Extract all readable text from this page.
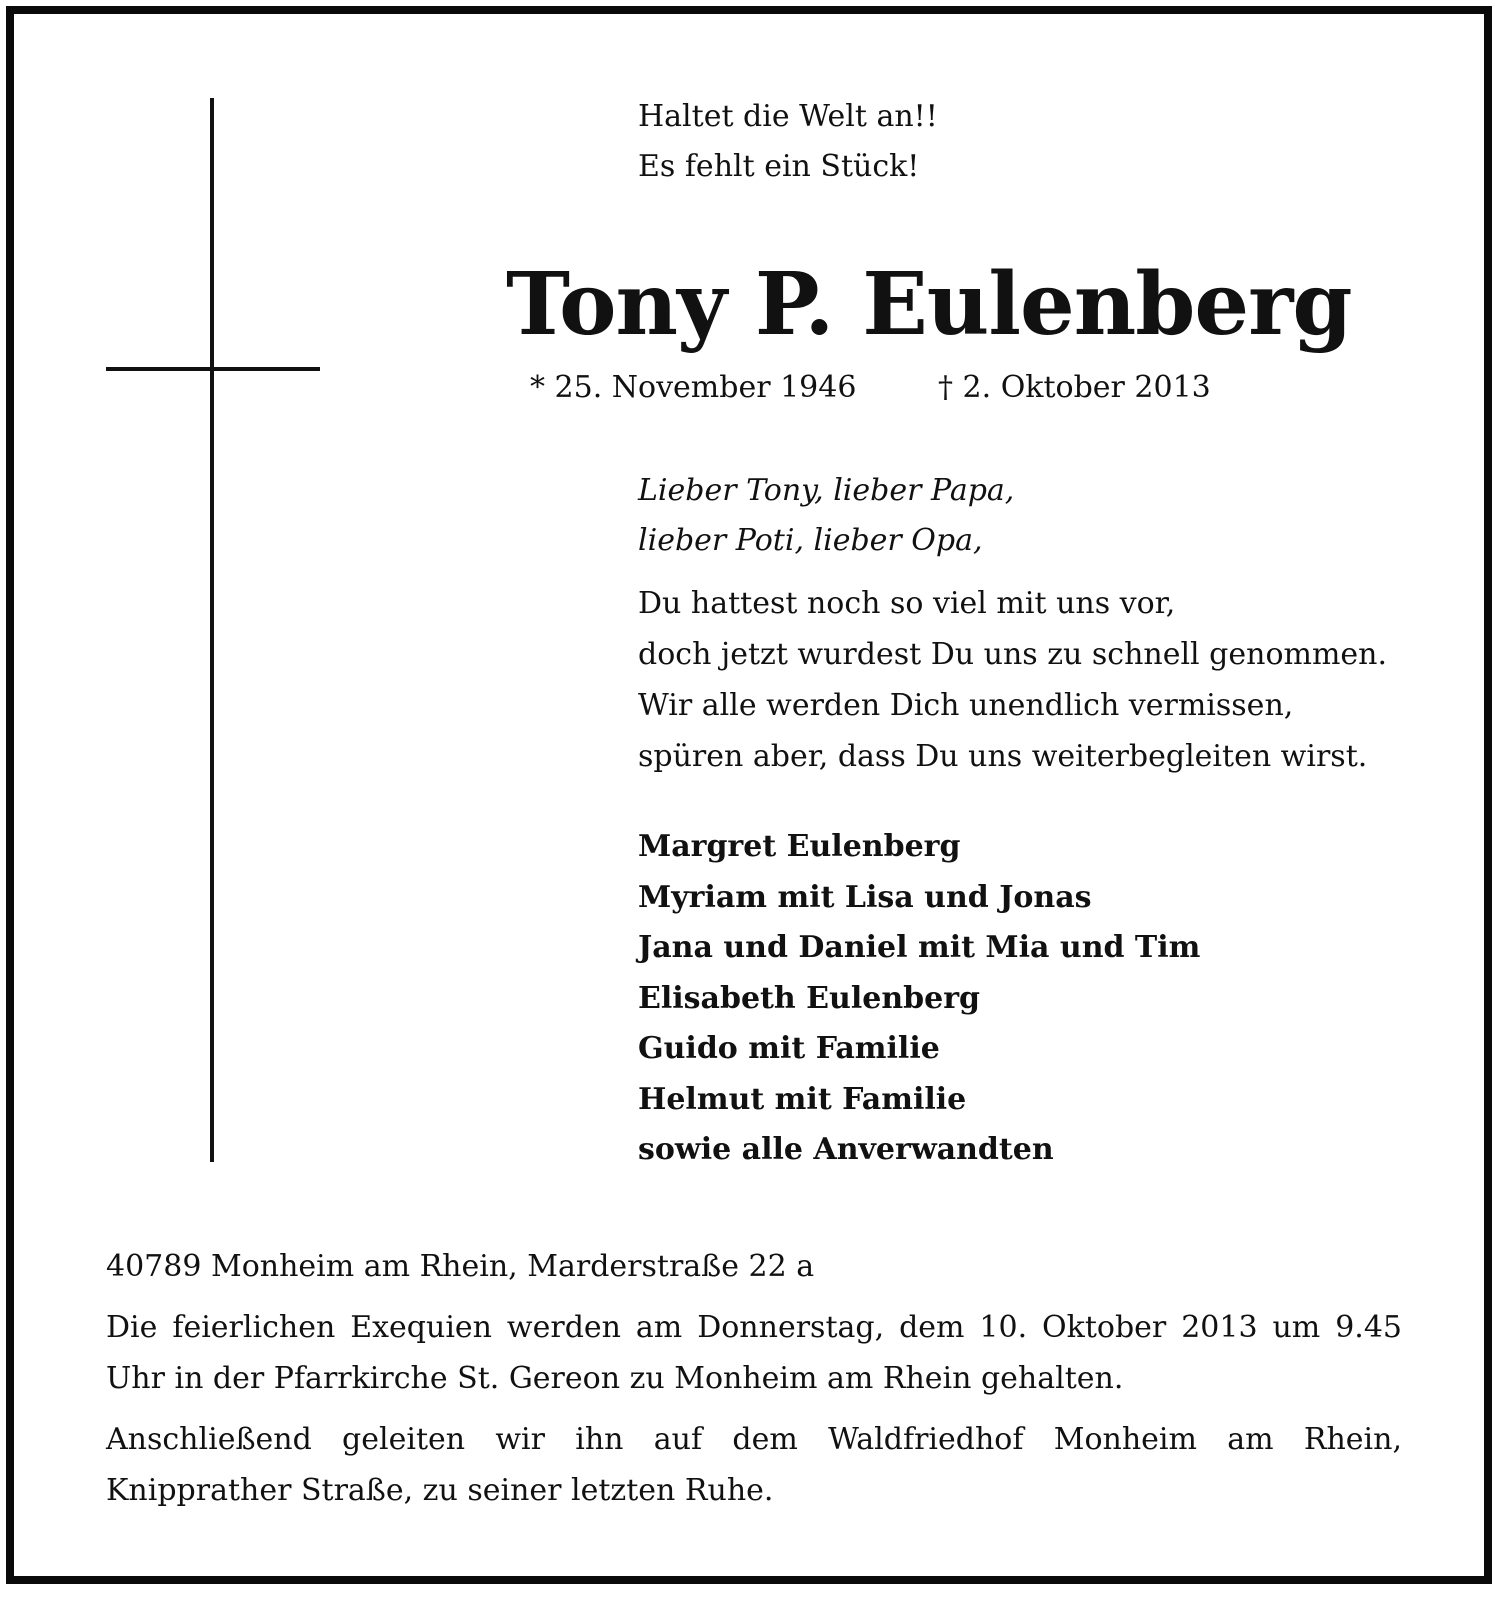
Haltet die Welt an!!
Es fehlt ein Stück!
Tony P. Eulenberg
* 25. November 1946	† 2. Oktober 2013
Lieber Tony, lieber Papa,
lieber Poti, lieber Opa,
Du hattest noch so viel mit uns vor,
doch jetzt wurdest Du uns zu schnell genommen.
Wir alle werden Dich unendlich vermissen,
spüren aber, dass Du uns weiterbegleiten wirst.
Margret Eulenberg
Myriam mit Lisa und Jonas
Jana und Daniel mit Mia und Tim
Elisabeth Eulenberg
Guido mit Familie
Helmut mit Familie
sowie alle Anverwandten
40789 Monheim am Rhein, Marderstraße 22 a
Die feierlichen Exequien werden am Donnerstag, dem 10. Oktober 2013 um 9.45 Uhr in der Pfarrkirche St. Gereon zu Monheim am Rhein gehalten.
Anschließend geleiten wir ihn auf dem Waldfriedhof Monheim am Rhein, Knipprather Straße, zu seiner letzten Ruhe.
